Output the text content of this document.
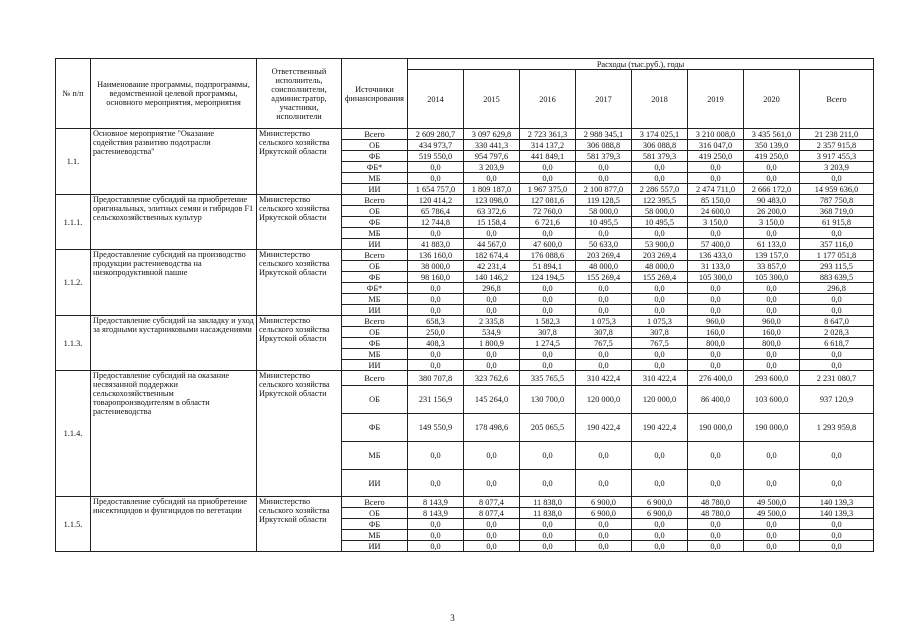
№ п/п	Наименование программы, подпрограммы, ведомственной целевой программы, основного мероприятия, мероприятия	Ответственный исполнитель, соисполнители, администратор, участники, исполнители	Источники финансирования	Расходы (тыс.руб.), годы							
				2014	2015	2016	2017	2018	2019	2020	Всего
1.1.	Основное мероприятие "Оказание содействия развитию подотрасли растениеводства"	Министерство сельского хозяйства Иркутской области	Всего	2 609 280,7	3 097 629,8	2 723 361,3	2 988 345,1	3 174 025,1	3 210 008,0	3 435 561,0	21 238 211,0
			ОБ	434 973,7	330 441,3	314 137,2	306 088,8	306 088,8	316 047,0	350 139,0	2 357 915,8
			ФБ	519 550,0	954 797,6	441 849,1	581 379,3	581 379,3	419 250,0	419 250,0	3 917 455,3
			ФБ*	0,0	3 203,9	0,0	0,0	0,0	0,0	0,0	3 203,9
			МБ	0,0	0,0	0,0	0,0	0,0	0,0	0,0	0,0
			ИИ	1 654 757,0	1 809 187,0	1 967 375,0	2 100 877,0	2 286 557,0	2 474 711,0	2 666 172,0	14 959 636,0
1.1.1.	Предоставление субсидий на приобретение оригинальных, элитных семян и гибридов F1 сельскохозяйственных культур	Министерство сельского хозяйства Иркутской области	Всего	120 414,2	123 098,0	127 081,6	119 128,5	122 395,5	85 150,0	90 483,0	787 750,8
			ОБ	65 786,4	63 372,6	72 760,0	58 000,0	58 000,0	24 600,0	26 200,0	368 719,0
			ФБ	12 744,8	15 158,4	6 721,6	10 495,5	10 495,5	3 150,0	3 150,0	61 915,8
			МБ	0,0	0,0	0,0	0,0	0,0	0,0	0,0	0,0
			ИИ	41 883,0	44 567,0	47 600,0	50 633,0	53 900,0	57 400,0	61 133,0	357 116,0
1.1.2.	Предоставление субсидий на производство продукции растениеводства на низкопродуктивной пашне	Министерство сельского хозяйства Иркутской области	Всего	136 160,0	182 674,4	176 088,6	203 269,4	203 269,4	136 433,0	139 157,0	1 177 051,8
			ОБ	38 000,0	42 231,4	51 894,1	48 000,0	48 000,0	31 133,0	33 857,0	293 115,5
			ФБ	98 160,0	140 146,2	124 194,5	155 269,4	155 269,4	105 300,0	105 300,0	883 639,5
			ФБ*	0,0	296,8	0,0	0,0	0,0	0,0	0,0	296,8
			МБ	0,0	0,0	0,0	0,0	0,0	0,0	0,0	0,0
			ИИ	0,0	0,0	0,0	0,0	0,0	0,0	0,0	0,0
1.1.3.	Предоставление субсидий на закладку и уход за ягодными кустарниковыми насаждениями	Министерство сельского хозяйства Иркутской области	Всего	658,3	2 335,8	1 582,3	1 075,3	1 075,3	960,0	960,0	8 647,0
			ОБ	250,0	534,9	307,8	307,8	307,8	160,0	160,0	2 028,3
			ФБ	408,3	1 800,9	1 274,5	767,5	767,5	800,0	800,0	6 618,7
			МБ	0,0	0,0	0,0	0,0	0,0	0,0	0,0	0,0
			ИИ	0,0	0,0	0,0	0,0	0,0	0,0	0,0	0,0
1.1.4.	Предоставление субсидий на оказание несвязанной поддержки сельскохозяйственным товаропроизводителям в области растениеводства	Министерство сельского хозяйства Иркутской области	Всего	380 707,8	323 762,6	335 765,5	310 422,4	310 422,4	276 400,0	293 600,0	2 231 080,7
			ОБ	231 156,9	145 264,0	130 700,0	120 000,0	120 000,0	86 400,0	103 600,0	937 120,9
			ФБ	149 550,9	178 498,6	205 065,5	190 422,4	190 422,4	190 000,0	190 000,0	1 293 959,8
			МБ	0,0	0,0	0,0	0,0	0,0	0,0	0,0	0,0
			ИИ	0,0	0,0	0,0	0,0	0,0	0,0	0,0	0,0
1.1.5.	Предоставление субсидий на приобретение инсектицидов и фунгицидов по вегетации	Министерство сельского хозяйства Иркутской области	Всего	8 143,9	8 077,4	11 838,0	6 900,0	6 900,0	48 780,0	49 500,0	140 139,3
			ОБ	8 143,9	8 077,4	11 838,0	6 900,0	6 900,0	48 780,0	49 500,0	140 139,3
			ФБ	0,0	0,0	0,0	0,0	0,0	0,0	0,0	0,0
			МБ	0,0	0,0	0,0	0,0	0,0	0,0	0,0	0,0
			ИИ	0,0	0,0	0,0	0,0	0,0	0,0	0,0	0,0
3
